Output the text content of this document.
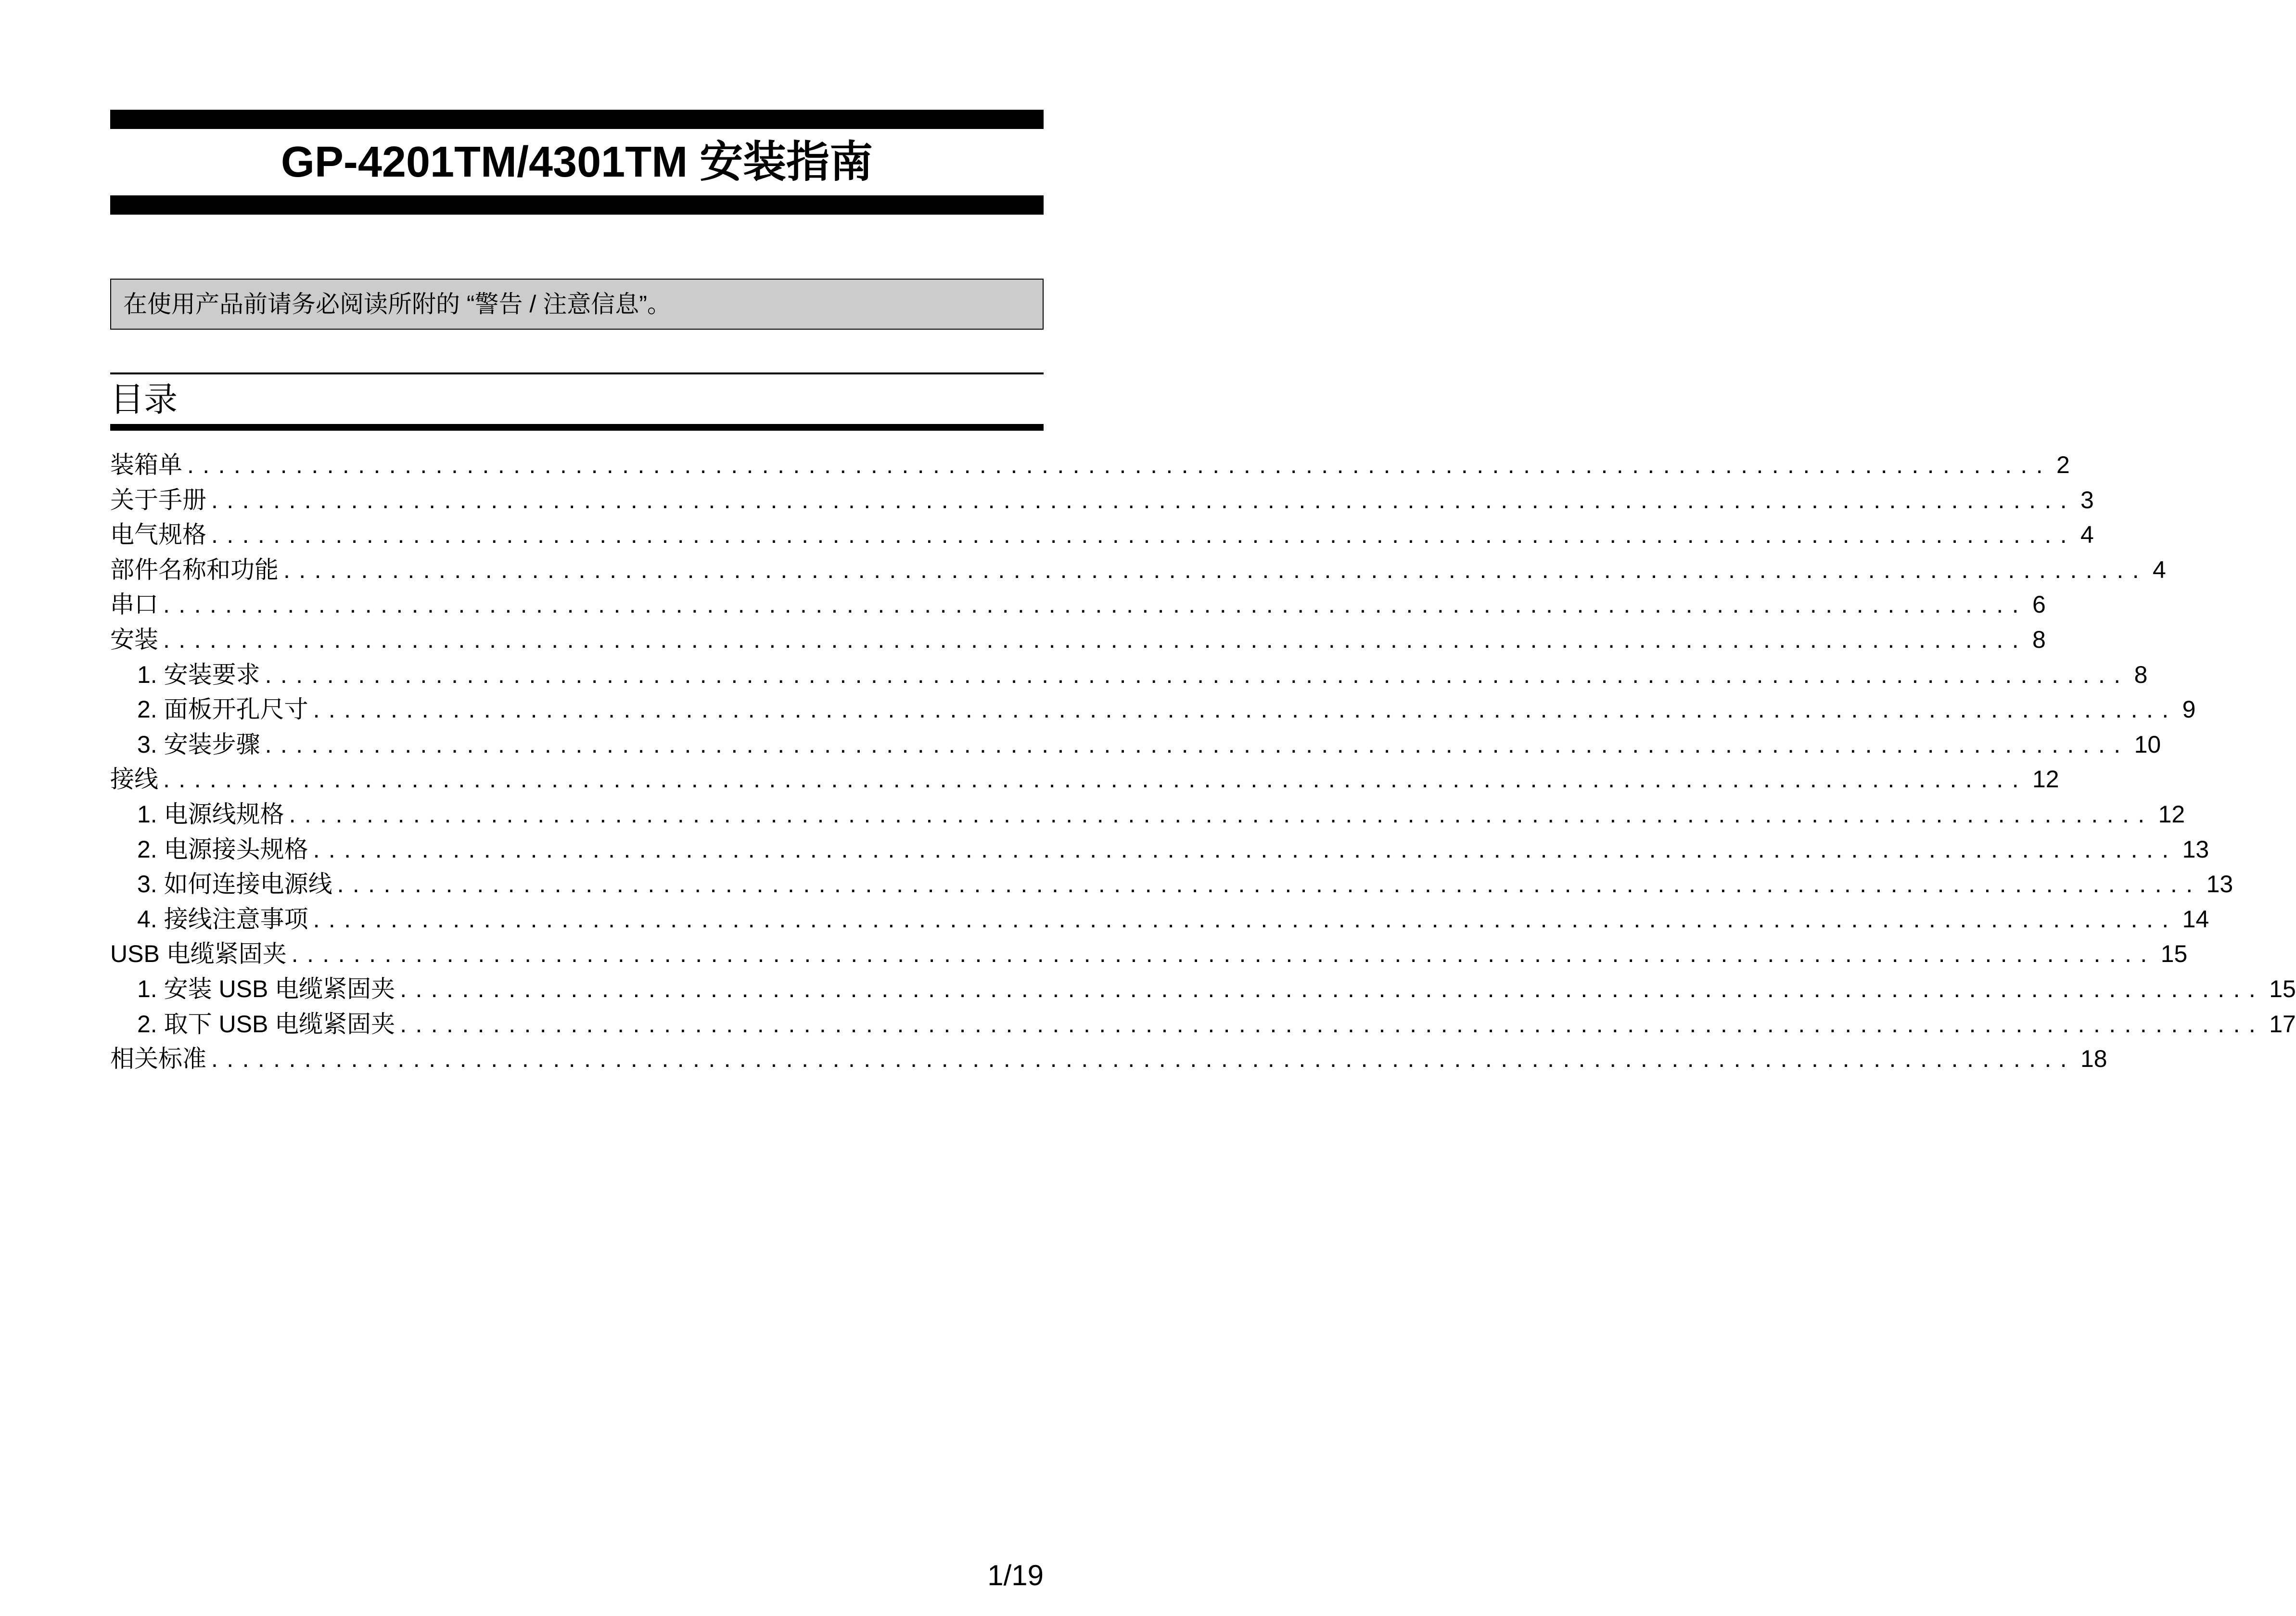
GP-4201TM/4301TM 安装指南
在使用产品前请务必阅读所附的 “警告 / 注意信息”。
目录
装箱单 ........................................................................................................................ 2
关于手册 ........................................................................................................................ 3
电气规格 ........................................................................................................................ 4
部件名称和功能 ........................................................................................................................ 4
串口 ........................................................................................................................ 6
安装 ........................................................................................................................ 8
1. 安装要求 ........................................................................................................................ 8
2. 面板开孔尺寸 ........................................................................................................................ 9
3. 安装步骤 ........................................................................................................................ 10
接线 ........................................................................................................................ 12
1. 电源线规格 ........................................................................................................................ 12
2. 电源接头规格 ........................................................................................................................ 13
3. 如何连接电源线 ........................................................................................................................ 13
4. 接线注意事项 ........................................................................................................................ 14
USB 电缆紧固夹 ........................................................................................................................ 15
1. 安装 USB 电缆紧固夹 ........................................................................................................................ 15
2. 取下 USB 电缆紧固夹 ........................................................................................................................ 17
相关标准 ........................................................................................................................ 18
1/19
